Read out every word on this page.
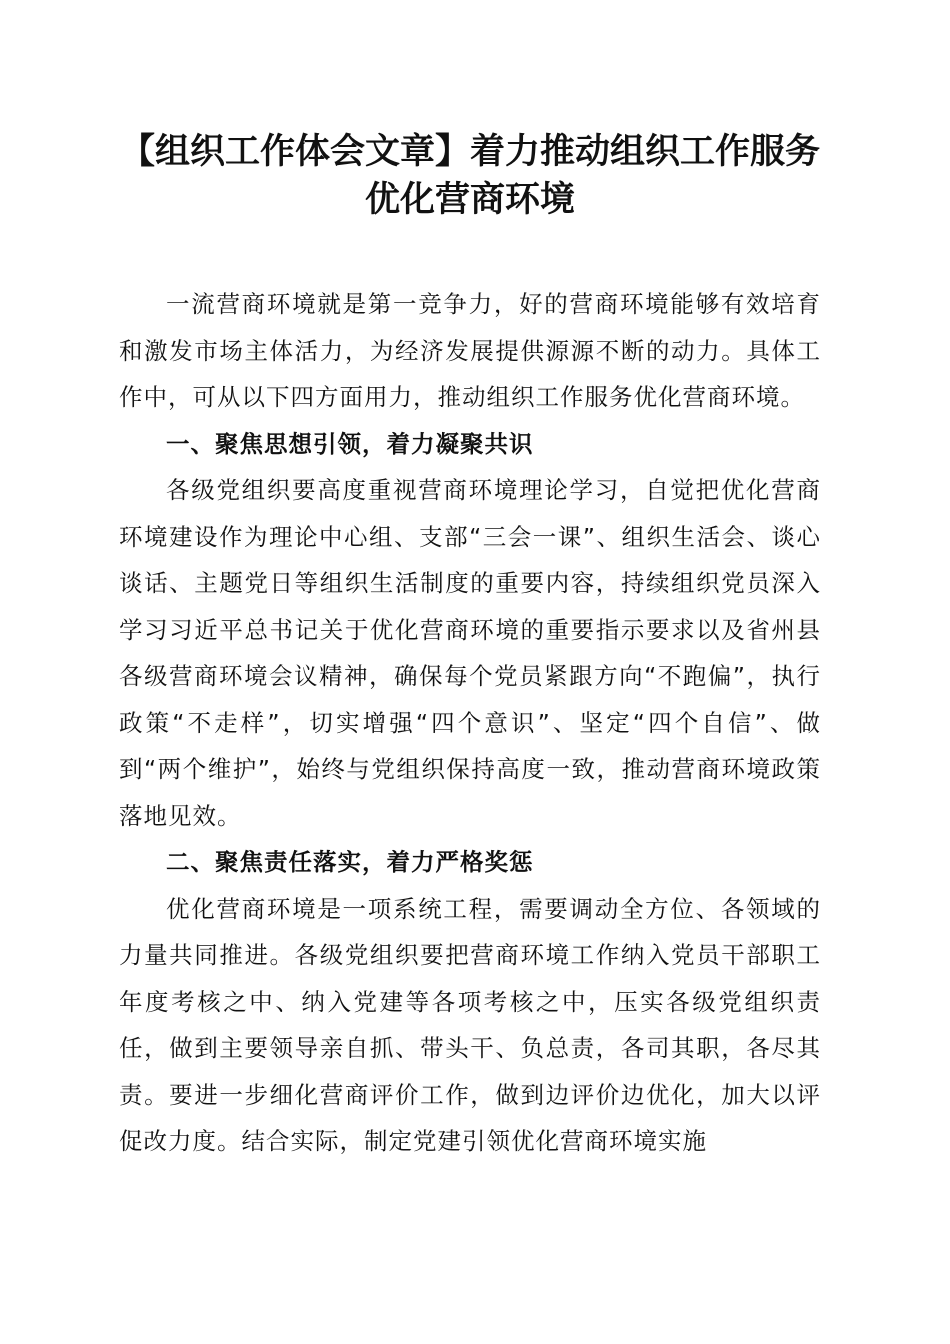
【组织工作体会文章】着力推动组织工作服务

优化营商环境

一流营商环境就是第一竞争力，好的营商环境能够有效培育和激发市场主体活力，为经济发展提供源源不断的动力。具体工作中，可从以下四方面用力，推动组织工作服务优化营商环境。

一、聚焦思想引领，着力凝聚共识

各级党组织要高度重视营商环境理论学习，自觉把优化营商环境建设作为理论中心组、支部“三会一课”、组织生活会、谈心谈话、主题党日等组织生活制度的重要内容，持续组织党员深入学习习近平总书记关于优化营商环境的重要指示要求以及省州县各级营商环境会议精神，确保每个党员紧跟方向“不跑偏”，执行政策“不走样”，切实增强“四个意识”、坚定“四个自信”、做到“两个维护”，始终与党组织保持高度一致，推动营商环境政策落地见效。

二、聚焦责任落实，着力严格奖惩

优化营商环境是一项系统工程，需要调动全方位、各领域的力量共同推进。各级党组织要把营商环境工作纳入党员干部职工年度考核之中、纳入党建等各项考核之中，压实各级党组织责任，做到主要领导亲自抓、带头干、负总责，各司其职，各尽其责。要进一步细化营商评价工作，做到边评价边优化，加大以评促改力度。结合实际，制定党建引领优化营商环境实施
